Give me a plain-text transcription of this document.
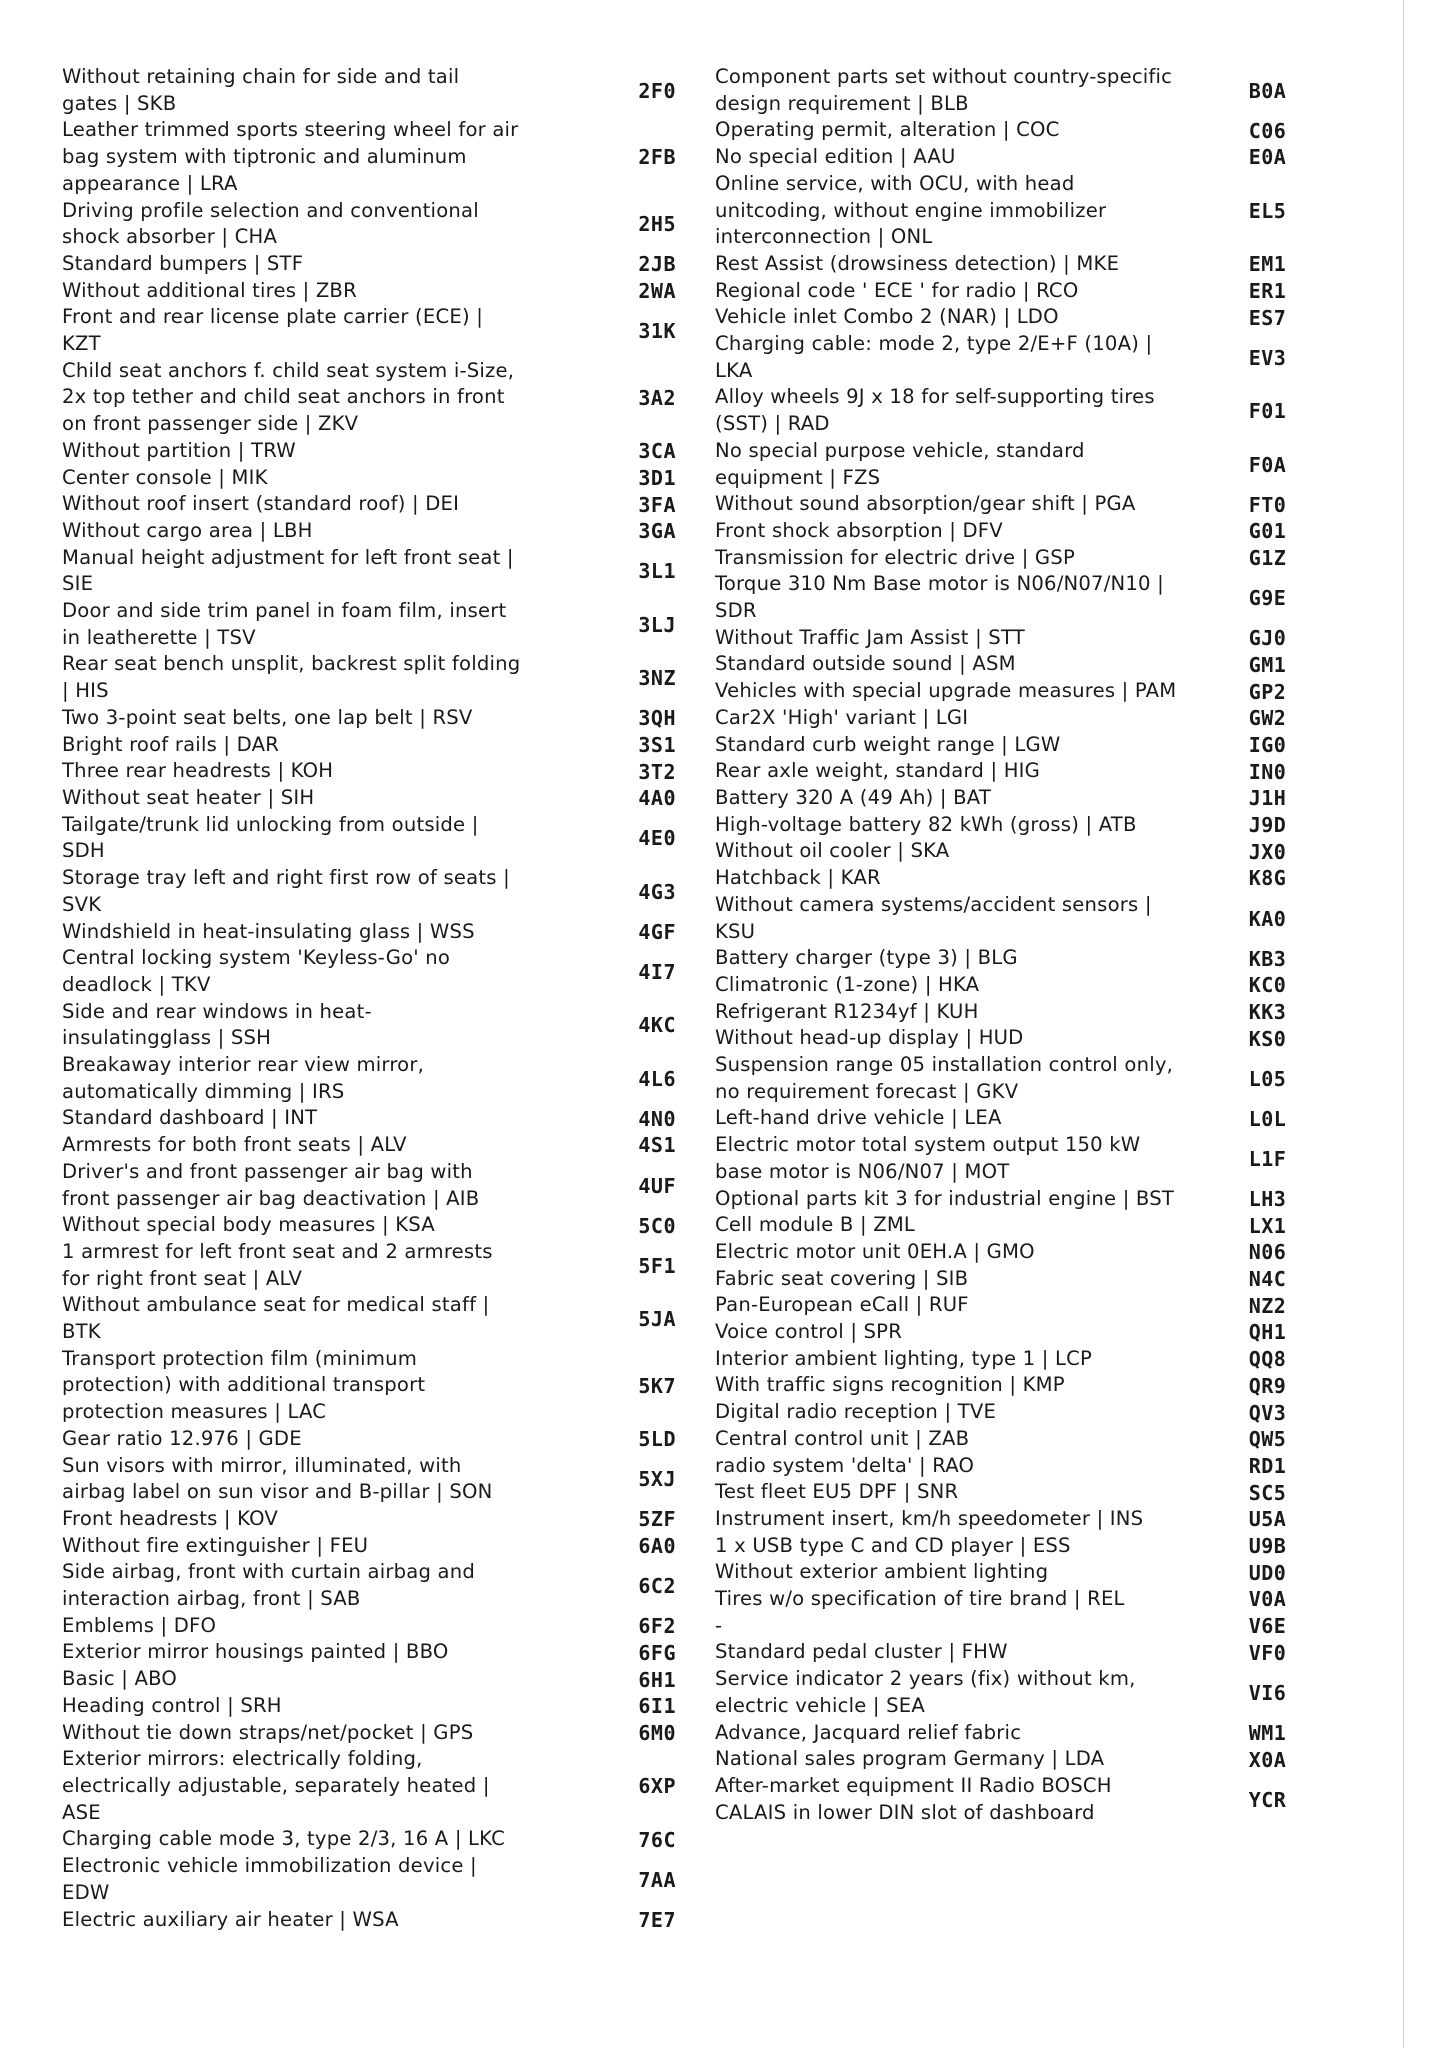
Without retaining chain for side and tail gates | SKB
2F0
Leather trimmed sports steering wheel for air bag system with tiptronic and aluminum appearance | LRA
2FB
Driving profile selection and conventional shock absorber | CHA
2H5
Standard bumpers | STF	2JB
Without additional tires | ZBR	2WA
Front and rear license plate carrier (ECE) | KZT
31K
Child seat anchors f. child seat system i-Size, 2x top tether and child seat anchors in front on front passenger side | ZKV
3A2
Without partition | TRW	3CA
Center console | MIK	3D1
Without roof insert (standard roof) | DEI	3FA
Without cargo area | LBH	3GA
Manual height adjustment for left front seat | SIE
3L1
Door and side trim panel in foam film, insert in leatherette | TSV
3LJ
Rear seat bench unsplit, backrest split folding | HIS
3NZ
Two 3-point seat belts, one lap belt | RSV	3QH
Bright roof rails | DAR	3S1
Three rear headrests | KOH	3T2
Without seat heater | SIH	4A0
Tailgate/trunk lid unlocking from outside | SDH
4E0
Storage tray left and right first row of seats | SVK
4G3
Windshield in heat-insulating glass | WSS	4GF
Central locking system 'Keyless-Go' no deadlock | TKV
4I7
Side and rear windows in heat-insulatingglass | SSH
4KC
Breakaway interior rear view mirror, automatically dimming | IRS
4L6
Standard dashboard | INT	4N0
Armrests for both front seats | ALV	4S1
Driver's and front passenger air bag with front passenger air bag deactivation | AIB
4UF
Without special body measures | KSA	5C0
1 armrest for left front seat and 2 armrests for right front seat | ALV
5F1
Without ambulance seat for medical staff | BTK
5JA
Transport protection film (minimum protection) with additional transport protection measures | LAC
5K7
Gear ratio 12.976 | GDE	5LD
Sun visors with mirror, illuminated, with airbag label on sun visor and B-pillar | SON
5XJ
Front headrests | KOV	5ZF
Without fire extinguisher | FEU	6A0
Side airbag, front with curtain airbag and interaction airbag, front | SAB
6C2
Emblems | DFO	6F2
Exterior mirror housings painted | BBO	6FG
Basic | ABO	6H1
Heading control | SRH	6I1
Without tie down straps/net/pocket | GPS	6M0
Exterior mirrors: electrically folding, electrically adjustable, separately heated | ASE
6XP
Charging cable mode 3, type 2/3, 16 A | LKC	76C
Electronic vehicle immobilization device | EDW
7AA
Electric auxiliary air heater | WSA	7E7
Component parts set without country-specific design requirement | BLB
B0A
Operating permit, alteration | COC	C06
No special edition | AAU	E0A
Online service, with OCU, with head unitcoding, without engine immobilizer interconnection | ONL
EL5
Rest Assist (drowsiness detection) | MKE	EM1
Regional code ' ECE ' for radio | RCO	ER1
Vehicle inlet Combo 2 (NAR) | LDO	ES7
Charging cable: mode 2, type 2/E+F (10A) | LKA
EV3
Alloy wheels 9J x 18 for self-supporting tires (SST) | RAD
F01
No special purpose vehicle, standard equipment | FZS
F0A
Without sound absorption/gear shift | PGA	FT0
Front shock absorption | DFV	G01
Transmission for electric drive | GSP	G1Z
Torque 310 Nm Base motor is N06/N07/N10 | SDR
G9E
Without Traffic Jam Assist | STT	GJ0
Standard outside sound | ASM	GM1
Vehicles with special upgrade measures | PAM	GP2
Car2X 'High' variant | LGI	GW2
Standard curb weight range | LGW	IG0
Rear axle weight, standard | HIG	IN0
Battery 320 A (49 Ah) | BAT	J1H
High-voltage battery 82 kWh (gross) | ATB	J9D
Without oil cooler | SKA	JX0
Hatchback | KAR	K8G
Without camera systems/accident sensors | KSU
KA0
Battery charger (type 3) | BLG	KB3
Climatronic (1-zone) | HKA	KC0
Refrigerant R1234yf | KUH	KK3
Without head-up display | HUD	KS0
Suspension range 05 installation control only, no requirement forecast | GKV
L05
Left-hand drive vehicle | LEA	L0L
Electric motor total system output 150 kW base motor is N06/N07 | MOT
L1F
Optional parts kit 3 for industrial engine | BST	LH3
Cell module B | ZML	LX1
Electric motor unit 0EH.A | GMO	N06
Fabric seat covering | SIB	N4C
Pan-European eCall | RUF	NZ2
Voice control | SPR	QH1
Interior ambient lighting, type 1 | LCP	QQ8
With traffic signs recognition | KMP	QR9
Digital radio reception | TVE	QV3
Central control unit | ZAB	QW5
radio system 'delta' | RAO	RD1
Test fleet EU5 DPF | SNR	SC5
Instrument insert, km/h speedometer | INS	U5A
1 x USB type C and CD player | ESS	U9B
Without exterior ambient lighting	UD0
Tires w/o specification of tire brand | REL	V0A
-	V6E
Standard pedal cluster | FHW	VF0
Service indicator 2 years (fix) without km, electric vehicle | SEA
VI6
Advance, Jacquard relief fabric	WM1
National sales program Germany | LDA	X0A
After-market equipment II Radio BOSCH CALAIS in lower DIN slot of dashboard
YCR
